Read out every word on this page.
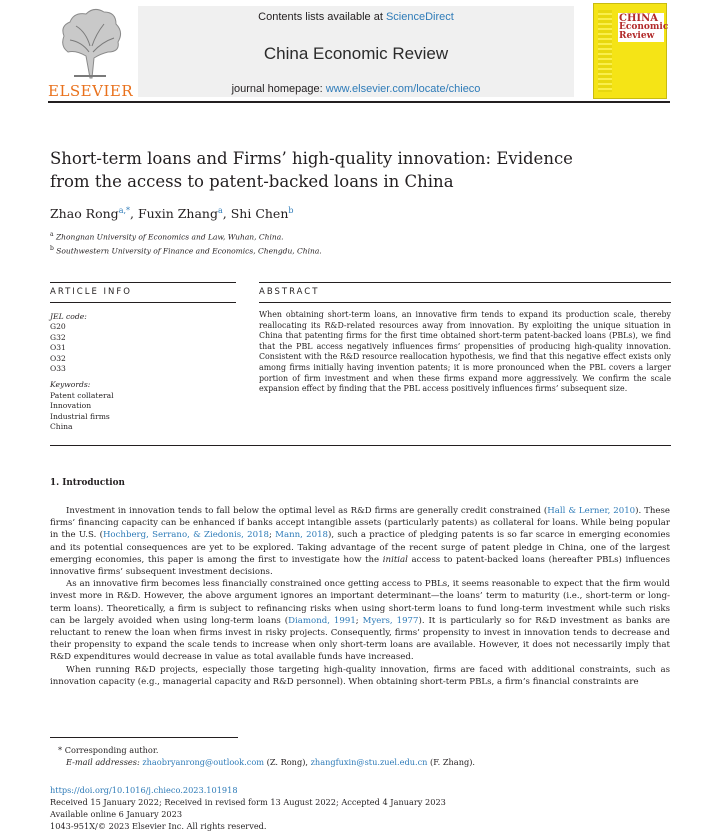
ELSEVIER
Contents lists available at ScienceDirect
China Economic Review
journal homepage: www.elsevier.com/locate/chieco
CHINA
Economic
Review
Short-term loans and Firms’ high-quality innovation: Evidence from the access to patent-backed loans in China
Zhao Rong$^{a,*}$, Fuxin Zhang$^a$, Shi Chen$^b$
$^a$ Zhongnan University of Economics and Law, Wuhan, China.
$^b$ Southwestern University of Finance and Economics, Chengdu, China.
ARTICLE INFO	ABSTRACT
JEL code:
G20
G32
O31
O32
O33
Keywords:
Patent collateral
Innovation
Industrial firms
China
When obtaining short-term loans, an innovative firm tends to expand its production scale, thereby reallocating its R&D-related resources away from innovation. By exploiting the unique situation in China that patenting firms for the first time obtained short-term patent-backed loans (PBLs), we find that the PBL access negatively influences firms’ propensities of producing high-quality innovation. Consistent with the R&D resource reallocation hypothesis, we find that this negative effect exists only among firms initially having invention patents; it is more pronounced when the PBL covers a larger portion of firm investment and when these firms expand more aggressively. We confirm the scale expansion effect by finding that the PBL access positively influences firms’ subsequent size.
1. Introduction

Investment in innovation tends to fall below the optimal level as R&D firms are generally credit constrained (Hall & Lerner, 2010). These firms’ financing capacity can be enhanced if banks accept intangible assets (particularly patents) as collateral for loans. While being popular in the U.S. (Hochberg, Serrano, & Ziedonis, 2018; Mann, 2018), such a practice of pledging patents is so far scarce in emerging economies and its potential consequences are yet to be explored. Taking advantage of the recent surge of patent pledge in China, one of the largest emerging economies, this paper is among the first to investigate how the initial access to patent-backed loans (hereafter PBLs) influences innovative firms’ subsequent investment decisions.

As an innovative firm becomes less financially constrained once getting access to PBLs, it seems reasonable to expect that the firm would invest more in R&D. However, the above argument ignores an important determinant—the loans’ term to maturity (i.e., short-term or long-term loans). Theoretically, a firm is subject to refinancing risks when using short-term loans to fund long-term investment while such risks can be largely avoided when using long-term loans (Diamond, 1991; Myers, 1977). It is particularly so for R&D investment as banks are reluctant to renew the loan when firms invest in risky projects. Consequently, firms’ propensity to invest in innovation tends to decrease and their propensity to expand the scale tends to increase when only short-term loans are available. However, it does not necessarily imply that R&D expenditures would decrease in value as total available funds have increased.

When running R&D projects, especially those targeting high-quality innovation, firms are faced with additional constraints, such as innovation capacity (e.g., managerial capacity and R&D personnel). When obtaining short-term PBLs, a firm’s financial constraints are

* Corresponding author.
E-mail addresses: zhaobryanrong@outlook.com (Z. Rong), zhangfuxin@stu.zuel.edu.cn (F. Zhang).
https://doi.org/10.1016/j.chieco.2023.101918
Received 15 January 2022; Received in revised form 13 August 2022; Accepted 4 January 2023
Available online 6 January 2023
1043-951X/© 2023 Elsevier Inc. All rights reserved.
